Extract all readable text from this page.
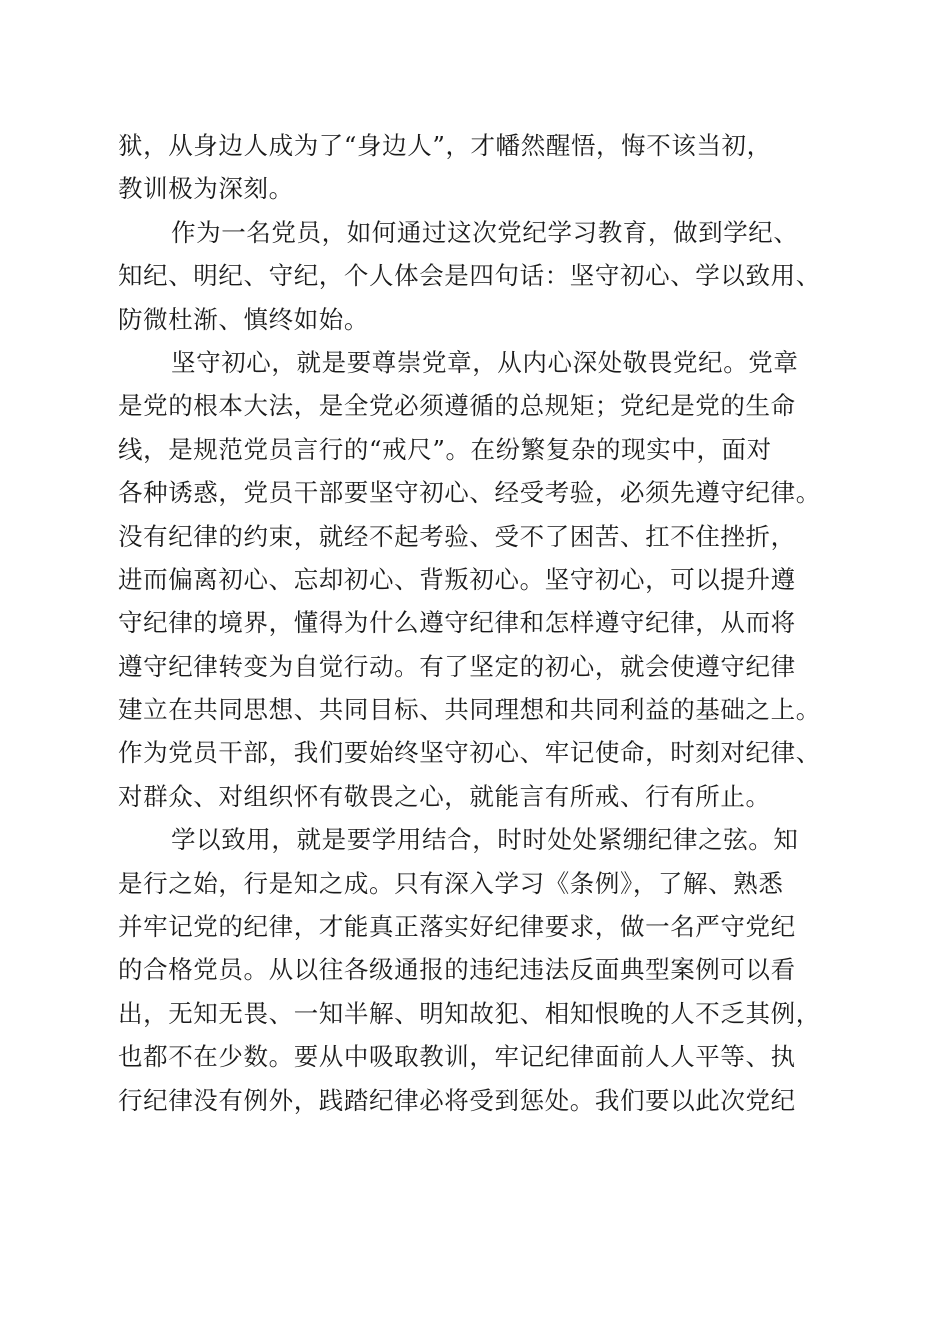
狱，从身边人成为了“身边人”，才幡然醒悟，悔不该当初，
教训极为深刻。
作为一名党员，如何通过这次党纪学习教育，做到学纪、
知纪、明纪、守纪，个人体会是四句话：坚守初心、学以致用、
防微杜渐、慎终如始。
坚守初心，就是要尊崇党章，从内心深处敬畏党纪。党章
是党的根本大法，是全党必须遵循的总规矩；党纪是党的生命
线，是规范党员言行的“戒尺”。在纷繁复杂的现实中，面对
各种诱惑，党员干部要坚守初心、经受考验，必须先遵守纪律。
没有纪律的约束，就经不起考验、受不了困苦、扛不住挫折，
进而偏离初心、忘却初心、背叛初心。坚守初心，可以提升遵
守纪律的境界，懂得为什么遵守纪律和怎样遵守纪律，从而将
遵守纪律转变为自觉行动。有了坚定的初心，就会使遵守纪律
建立在共同思想、共同目标、共同理想和共同利益的基础之上。
作为党员干部，我们要始终坚守初心、牢记使命，时刻对纪律、
对群众、对组织怀有敬畏之心，就能言有所戒、行有所止。
学以致用，就是要学用结合，时时处处紧绷纪律之弦。知
是行之始，行是知之成。只有深入学习《条例》，了解、熟悉
并牢记党的纪律，才能真正落实好纪律要求，做一名严守党纪
的合格党员。从以往各级通报的违纪违法反面典型案例可以看
出，无知无畏、一知半解、明知故犯、相知恨晚的人不乏其例，
也都不在少数。要从中吸取教训，牢记纪律面前人人平等、执
行纪律没有例外，践踏纪律必将受到惩处。我们要以此次党纪
